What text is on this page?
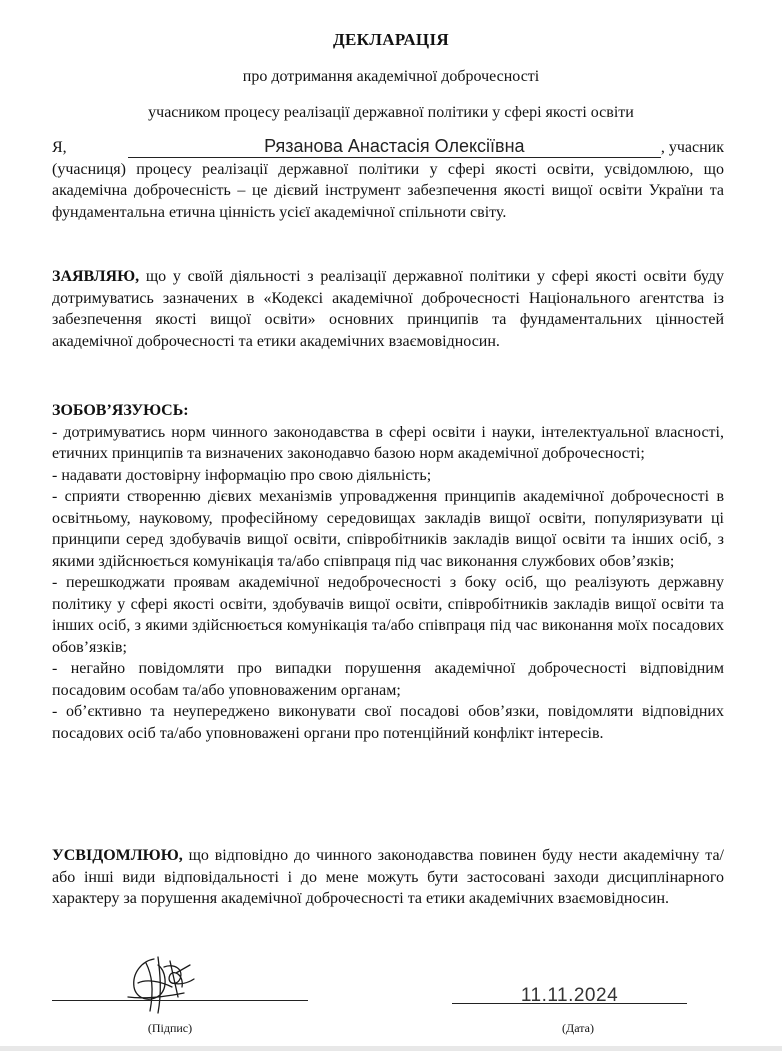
ДЕКЛАРАЦІЯ
про дотримання академічної доброчесності
учасником процесу реалізації державної політики у сфері якості освіти
Я,	Рязанова Анастасія Олексіївна	, учасник
(учасниця) процесу реалізації державної політики у сфері якості освіти, усвідомлюю, що академічна доброчесність – це дієвий інструмент забезпечення якості вищої освіти України та фундаментальна етична цінність усієї академічної спільноти світу.
ЗАЯВЛЯЮ, що у своїй діяльності з реалізації державної політики у сфері якості освіти буду дотримуватись зазначених в «Кодексі академічної доброчесності Національного агентства із забезпечення якості вищої освіти» основних принципів та фундаментальних цінностей академічної доброчесності та етики академічних взаємовідносин.
ЗОБОВ’ЯЗУЮСЬ:
- дотримуватись норм чинного законодавства в сфері освіти і науки, інтелектуальної власності, етичних принципів та визначених законодавчо базою норм академічної доброчесності;
- надавати достовірну інформацію про свою діяльність;
- сприяти створенню дієвих механізмів упровадження принципів академічної доброчесності в освітньому, науковому, професійному середовищах закладів вищої освіти, популяризувати ці принципи серед здобувачів вищої освіти, співробітників закладів вищої освіти та інших осіб, з якими здійснюється комунікація та/або співпраця під час виконання службових обов’язків;
- перешкоджати проявам академічної недоброчесності з боку осіб, що реалізують державну політику у сфері якості освіти, здобувачів вищої освіти, співробітників закладів вищої освіти та інших осіб, з якими здійснюється комунікація та/або співпраця під час виконання моїх посадових обов’язків;
- негайно повідомляти про випадки порушення академічної доброчесності відповідним посадовим особам та/або уповноваженим органам;
- об’єктивно та неупереджено виконувати свої посадові обов’язки, повідомляти відповідних посадових осіб та/або уповноважені органи про потенційний конфлікт інтересів.
УСВІДОМЛЮЮ, що відповідно до чинного законодавства повинен буду нести академічну та/або інші види відповідальності і до мене можуть бути застосовані заходи дисциплінарного характеру за порушення академічної доброчесності та етики академічних взаємовідносин.
11.11.2024
(Підпис)	(Дата)
